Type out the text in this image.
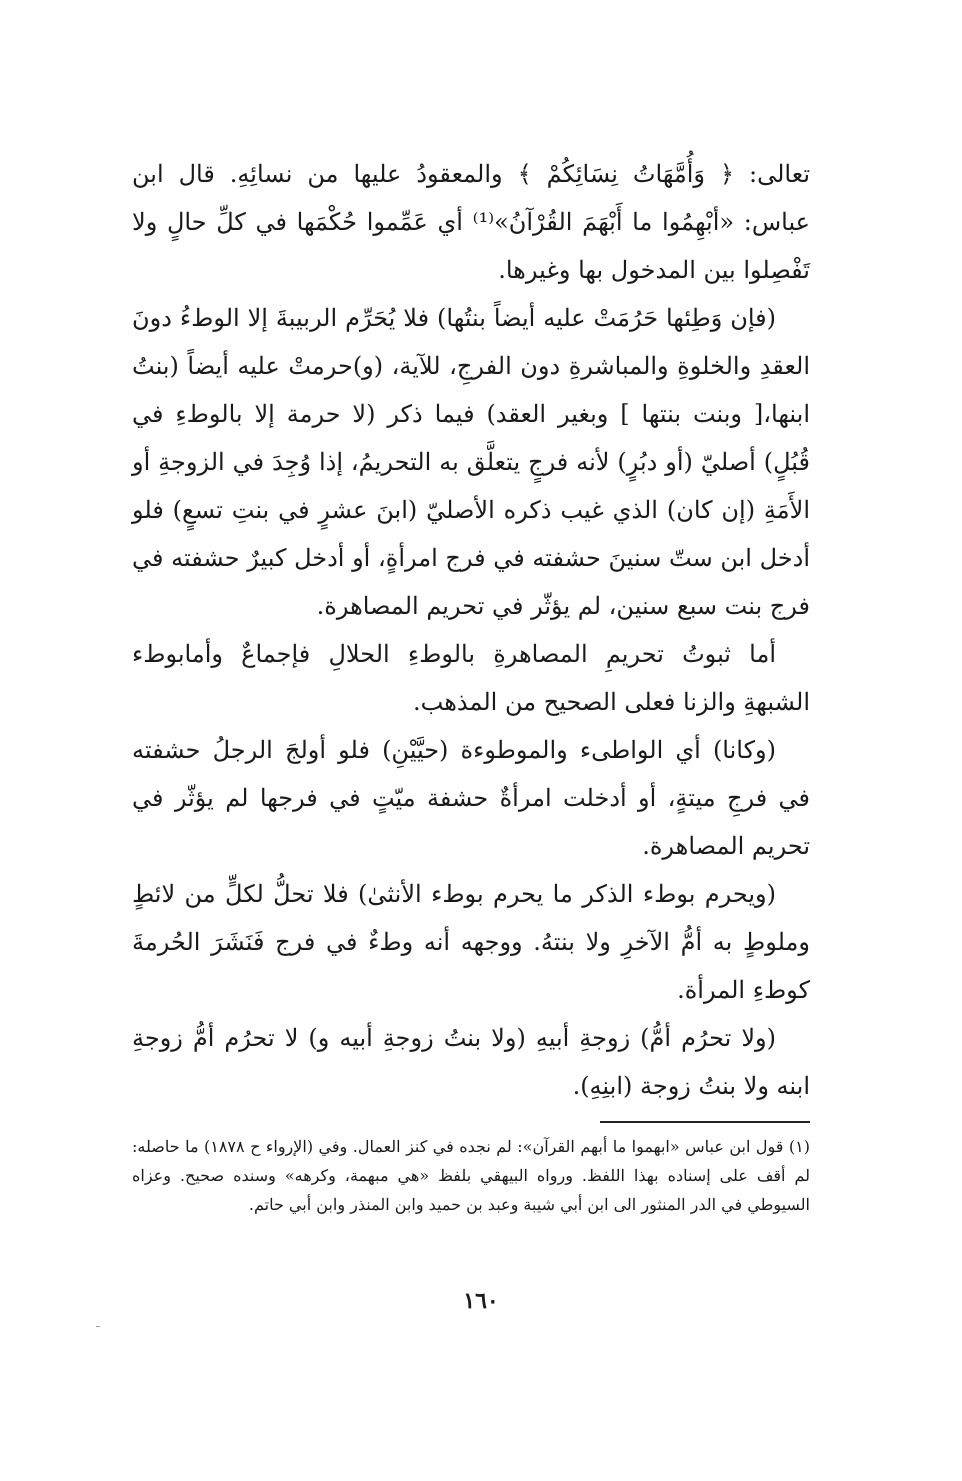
تعالى: ﴿ وَأُمَّهَاتُ نِسَائِكُمْ ﴾ والمعقودُ عليها من نسائِهِ. قال ابن عباس: «أبْهِمُوا ما أَبْهَمَ القُرْآنُ»⁽¹⁾ أي عَمِّموا حُكْمَها في كلِّ حالٍ ولا تَفْصِلوا بين المدخول بها وغيرها.

(فإن وَطِئها حَرُمَتْ عليه أيضاً بنتُها) فلا يُحَرِّم الربيبةَ إلا الوطءُ دونَ العقدِ والخلوةِ والمباشرةِ دون الفرجِ، للآية، (و)حرمتْ عليه أيضاً (بنتُ ابنها،[ وبنت بنتها ] وبغير العقد) فيما ذكر (لا حرمة إلا بالوطءِ في قُبُلٍ) أصليّ (أو دبُرٍ) لأنه فرجٍ يتعلَّق به التحريمُ، إذا وُجِدَ في الزوجةِ أو الأَمَةِ (إن كان) الذي غيب ذكره الأصليّ (ابنَ عشرٍ في بنتِ تسعٍ) فلو أدخل ابن ستّ سنينَ حشفته في فرج امرأةٍ، أو أدخل كبيرٌ حشفته في فرج بنت سبع سنين، لم يؤثّر في تحريم المصاهرة.

أما ثبوتُ تحريمِ المصاهرةِ بالوطءِ الحلالِ فإجماعٌ وأمابوطء الشبهةِ والزنا فعلى الصحيح من المذهب.

(وكانا) أي الواطىء والموطوءة (حيَّيْنِ) فلو أولجَ الرجلُ حشفته في فرجِ ميتةٍ، أو أدخلت امرأةٌ حشفة ميّتٍ في فرجها لم يؤثّر في تحريم المصاهرة.

(ويحرم بوطء الذكر ما يحرم بوطء الأنثىٰ) فلا تحلُّ لكلٍّ من لائطٍ وملوطٍ به أمُّ الآخرِ ولا بنتهُ. ووجهه أنه وطءٌ في فرج فَنَشَرَ الحُرمةَ كوطءِ المرأة.

(ولا تحرُم أمُّ) زوجةِ أبيهِ (ولا بنتُ زوجةِ أبيه و) لا تحرُم أمُّ زوجةِ ابنه ولا بنتُ زوجة (ابنِهِ).

(١) قول ابن عباس «ابهموا ما أبهم القرآن»: لم نجده في كنز العمال. وفي (الإرواء ح ١٨٧٨) ما حاصله: لم أقف على إسناده بهذا اللفظ. ورواه البيهقي بلفظ «هي مبهمة، وكرهه» وسنده صحيح. وعزاه السيوطي في الدر المنثور الى ابن أبي شيبة وعبد بن حميد وابن المنذر وابن أبي حاتم.

١٦٠
